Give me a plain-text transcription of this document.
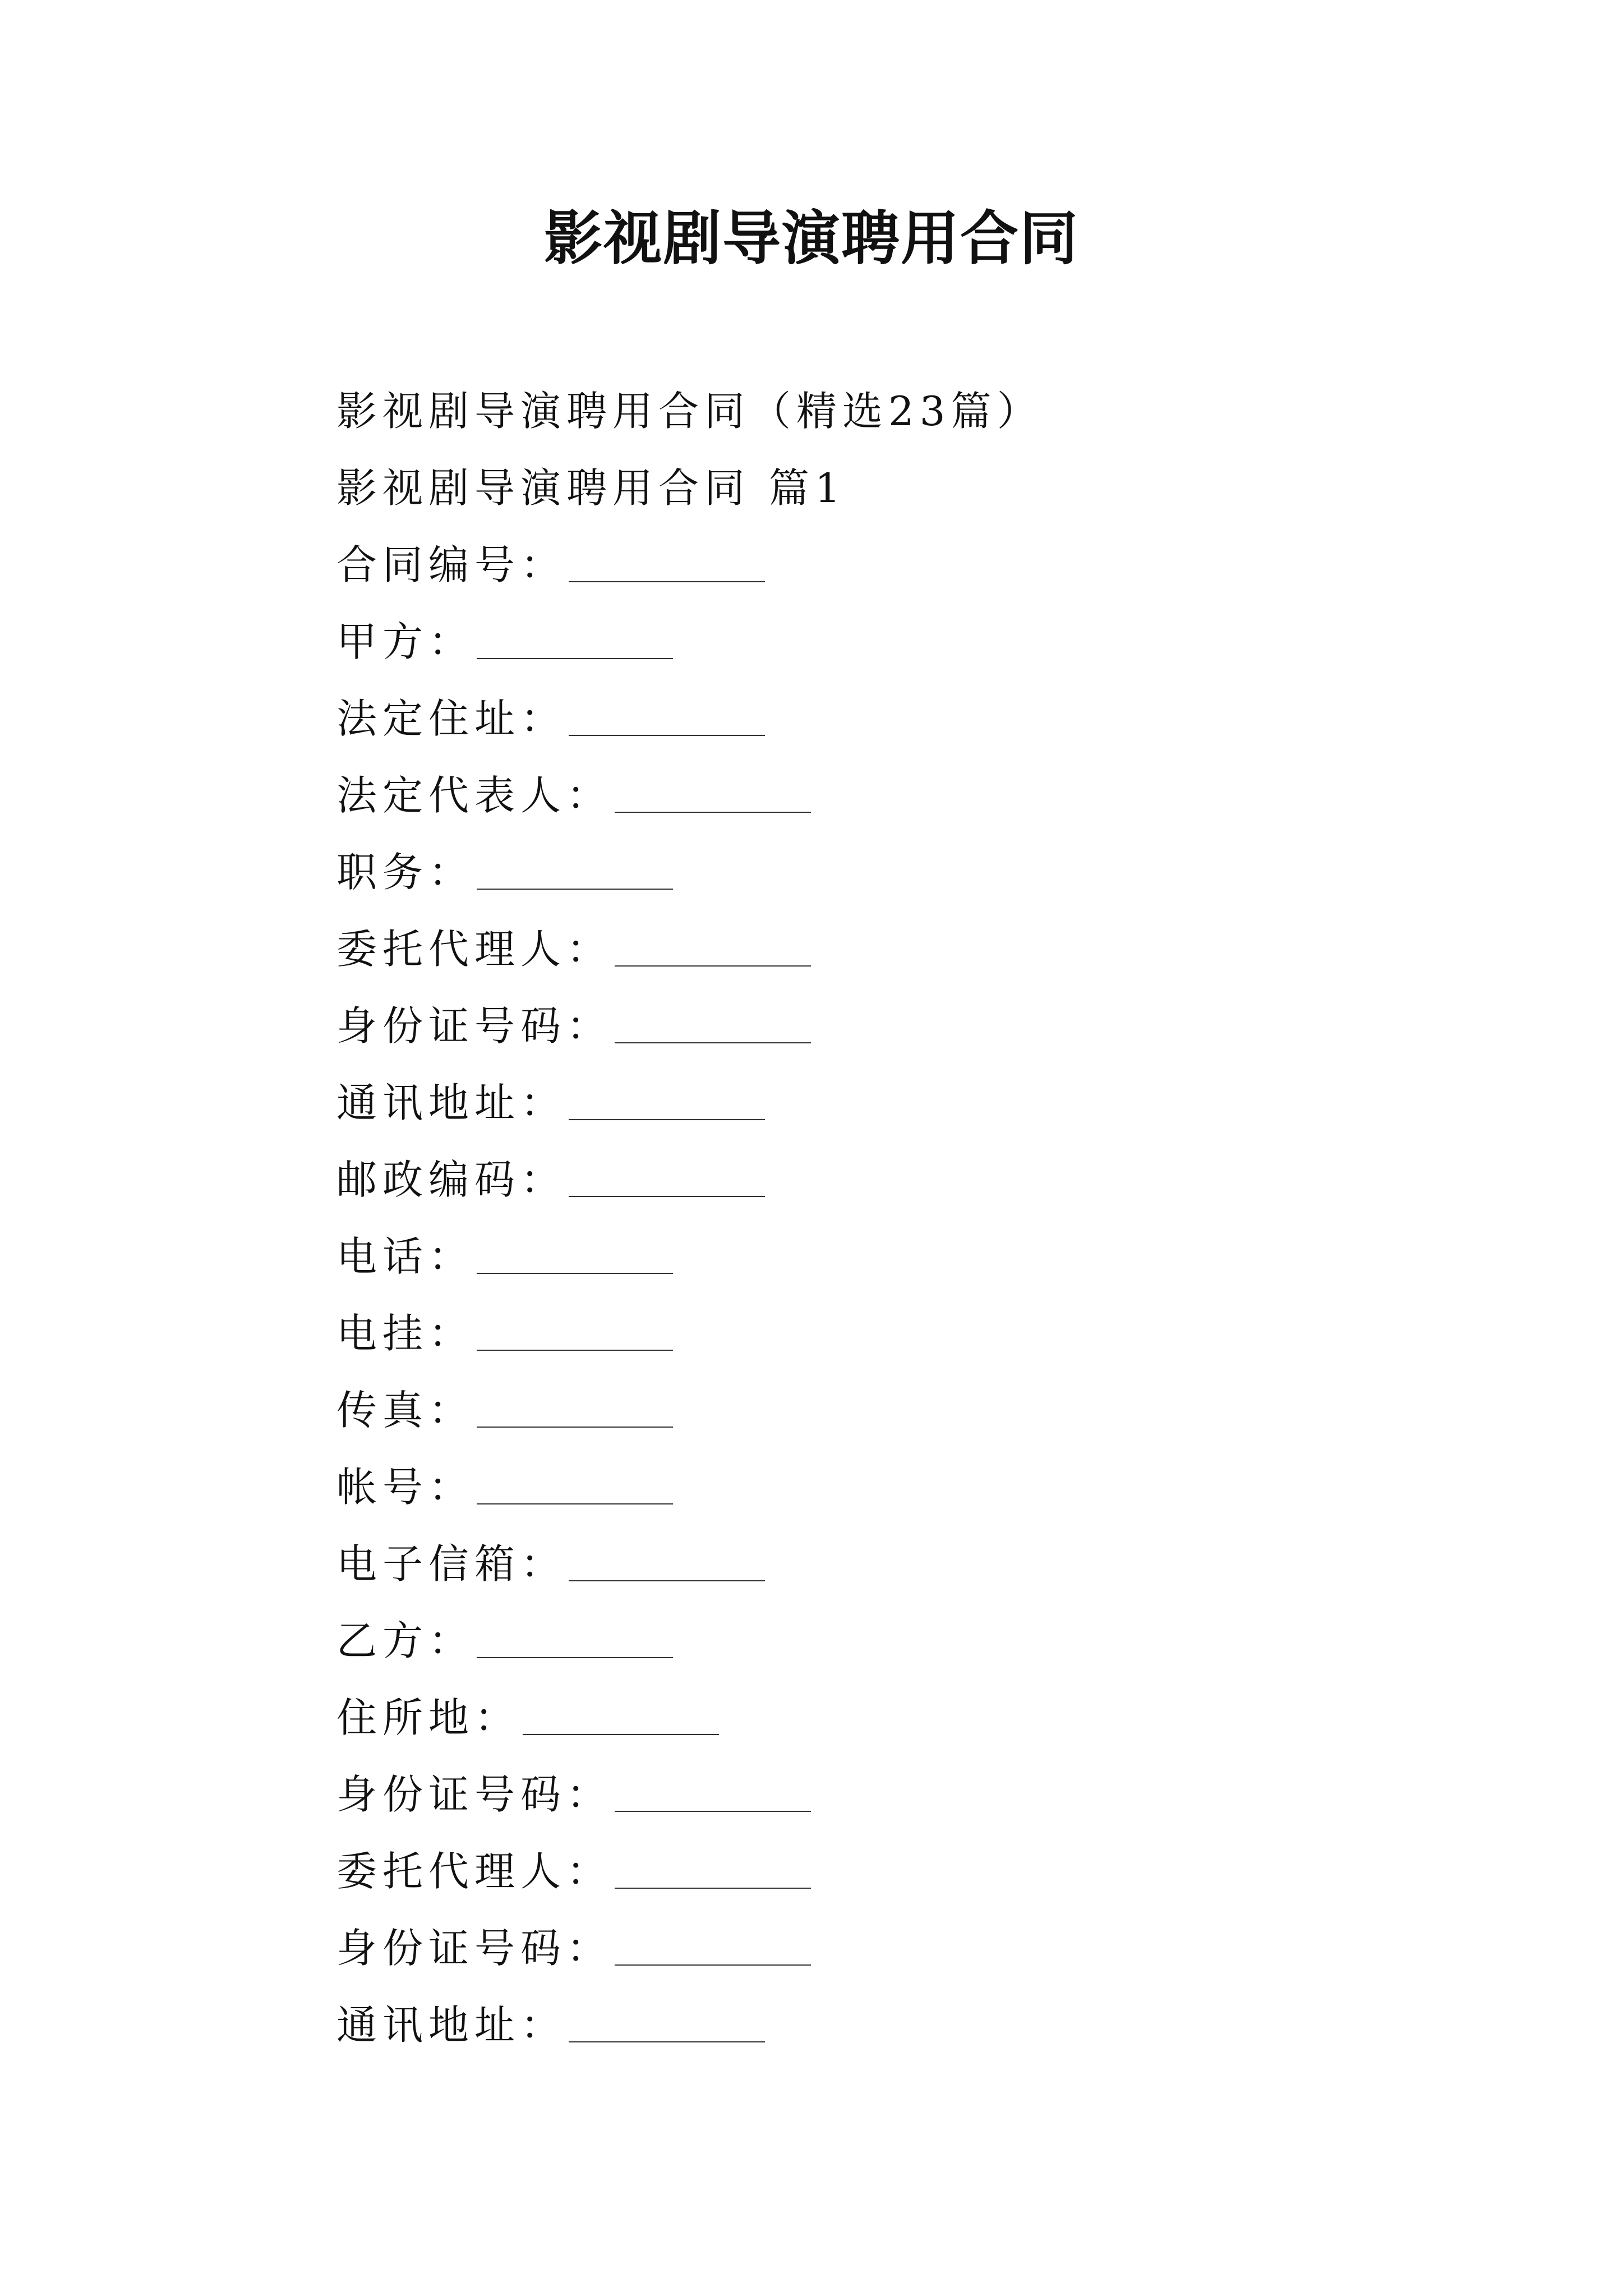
影视剧导演聘用合同
影视剧导演聘用合同（精选23篇）
影视剧导演聘用合同 篇1
合同编号：
甲方：
法定住址：
法定代表人：
职务：
委托代理人：
身份证号码：
通讯地址：
邮政编码：
电话：
电挂：
传真：
帐号：
电子信箱：
乙方：
住所地：
身份证号码：
委托代理人：
身份证号码：
通讯地址：
